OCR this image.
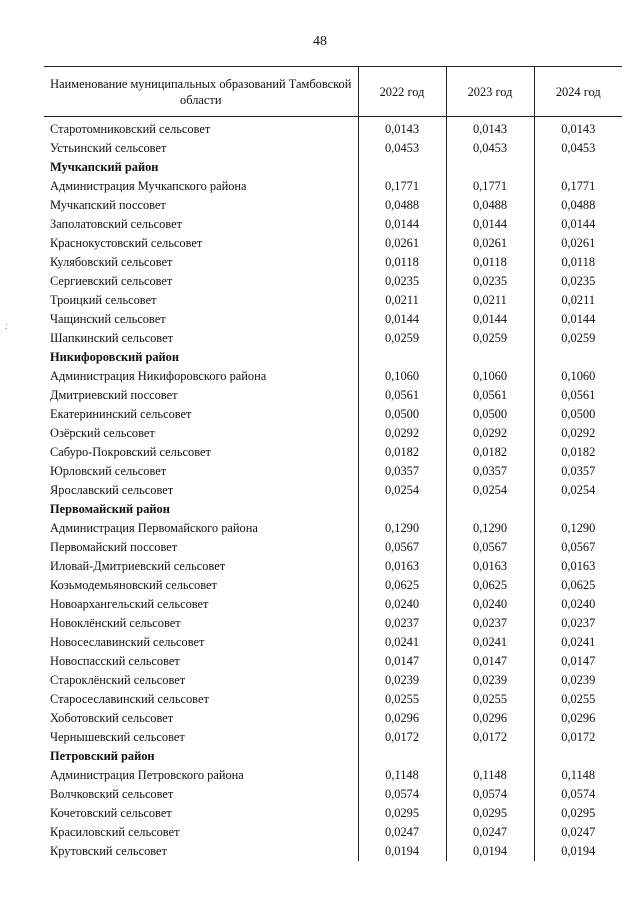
48
:
Наименование муниципальных образований Тамбовской области	2022 год	2023 год	2024 год
Старотомниковский сельсовет	0,0143	0,0143	0,0143
Устьинский сельсовет	0,0453	0,0453	0,0453
Мучкапский район			
Администрация Мучкапского района	0,1771	0,1771	0,1771
Мучкапский поссовет	0,0488	0,0488	0,0488
Заполатовский сельсовет	0,0144	0,0144	0,0144
Краснокустовский сельсовет	0,0261	0,0261	0,0261
Кулябовский сельсовет	0,0118	0,0118	0,0118
Сергиевский сельсовет	0,0235	0,0235	0,0235
Троицкий сельсовет	0,0211	0,0211	0,0211
Чащинский сельсовет	0,0144	0,0144	0,0144
Шапкинский сельсовет	0,0259	0,0259	0,0259
Никифоровский район			
Администрация Никифоровского района	0,1060	0,1060	0,1060
Дмитриевский поссовет	0,0561	0,0561	0,0561
Екатерининский сельсовет	0,0500	0,0500	0,0500
Озёрский сельсовет	0,0292	0,0292	0,0292
Сабуро-Покровский сельсовет	0,0182	0,0182	0,0182
Юрловский сельсовет	0,0357	0,0357	0,0357
Ярославский сельсовет	0,0254	0,0254	0,0254
Первомайский район			
Администрация Первомайского района	0,1290	0,1290	0,1290
Первомайский поссовет	0,0567	0,0567	0,0567
Иловай-Дмитриевский сельсовет	0,0163	0,0163	0,0163
Козьмодемьяновский сельсовет	0,0625	0,0625	0,0625
Новоархангельский сельсовет	0,0240	0,0240	0,0240
Новоклёнский сельсовет	0,0237	0,0237	0,0237
Новосеславинский сельсовет	0,0241	0,0241	0,0241
Новоспасский сельсовет	0,0147	0,0147	0,0147
Староклёнский сельсовет	0,0239	0,0239	0,0239
Старосеславинский сельсовет	0,0255	0,0255	0,0255
Хоботовский сельсовет	0,0296	0,0296	0,0296
Чернышевский сельсовет	0,0172	0,0172	0,0172
Петровский район			
Администрация Петровского района	0,1148	0,1148	0,1148
Волчковский сельсовет	0,0574	0,0574	0,0574
Кочетовский сельсовет	0,0295	0,0295	0,0295
Красиловский сельсовет	0,0247	0,0247	0,0247
Крутовский сельсовет	0,0194	0,0194	0,0194
